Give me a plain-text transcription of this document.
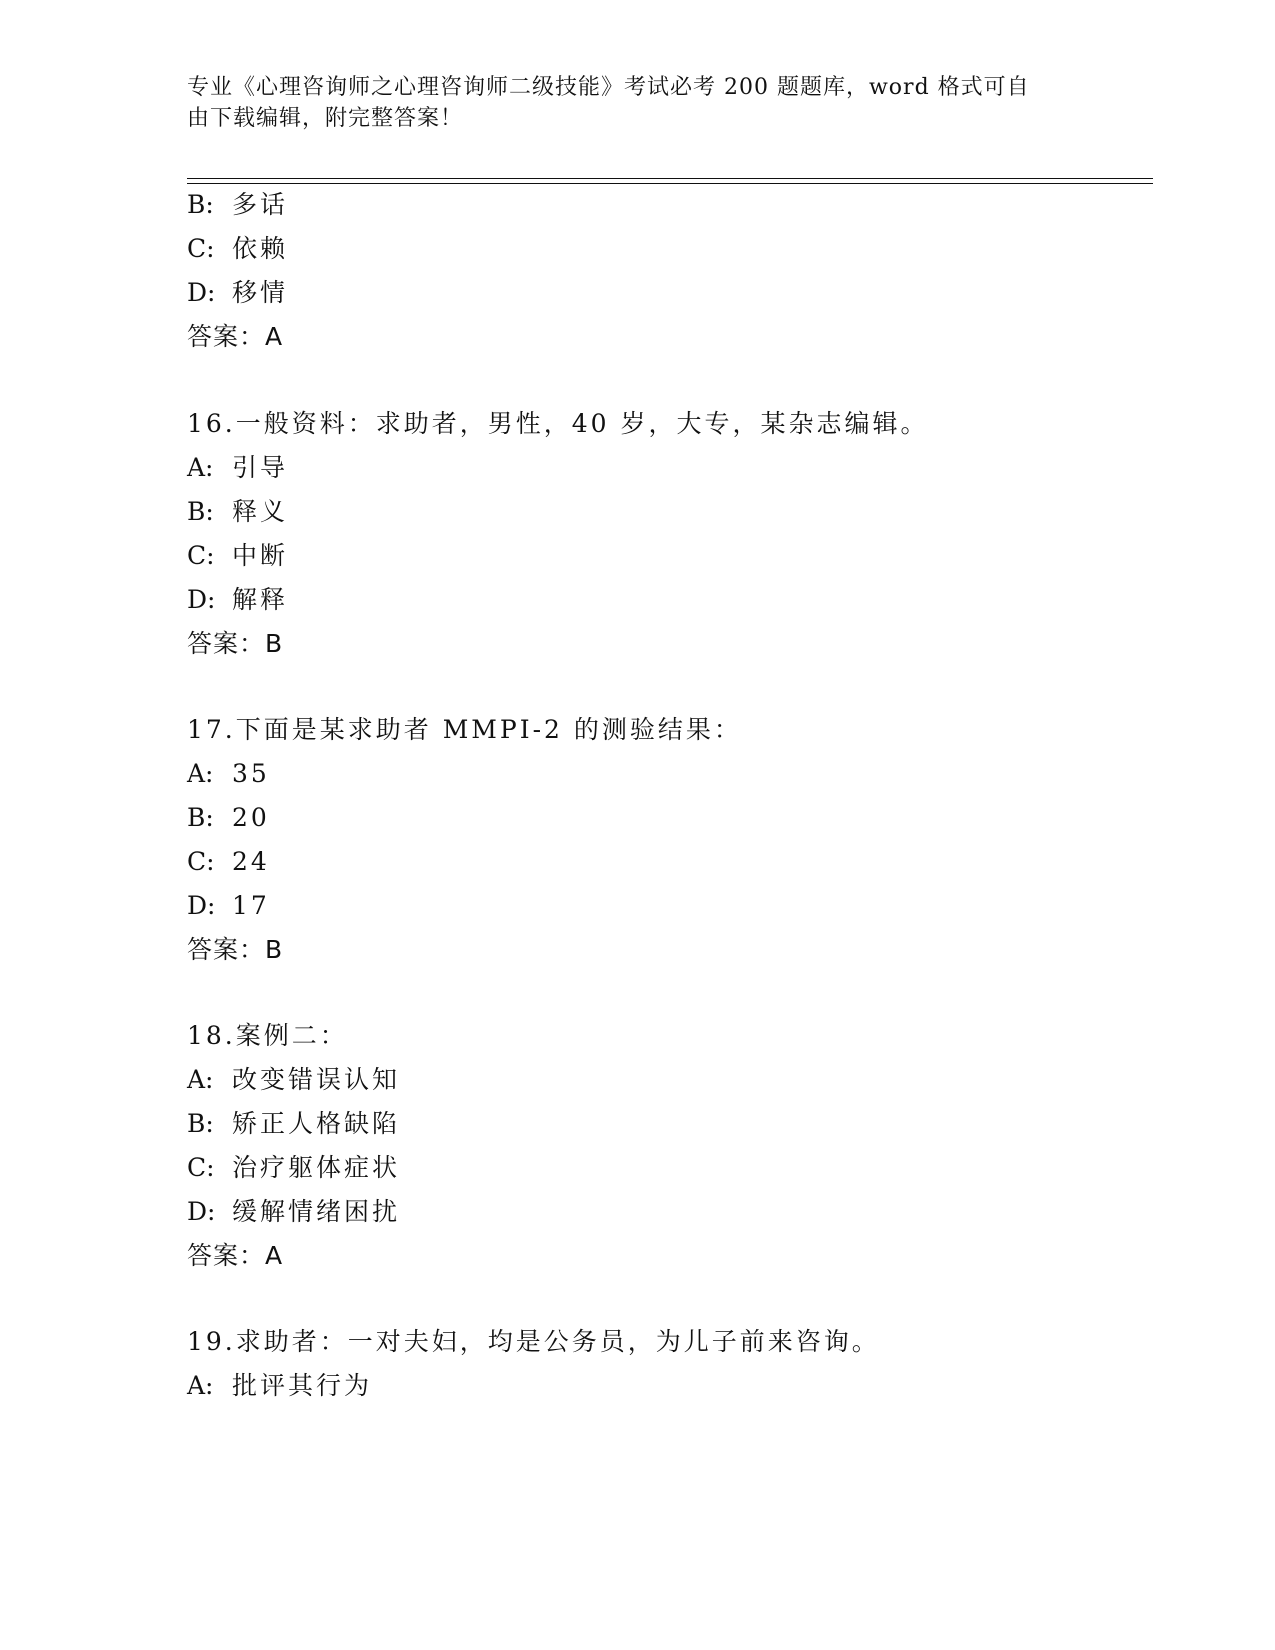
专业《心理咨询师之心理咨询师二级技能》考试必考 200 题题库，word 格式可自
由下载编辑，附完整答案！
B: 多话
C: 依赖
D: 移情
答案：A
16.一般资料：求助者，男性，40 岁，大专，某杂志编辑。
A: 引导
B: 释义
C: 中断
D: 解释
答案：B
17.下面是某求助者 MMPI-2 的测验结果：
A: 35
B: 20
C: 24
D: 17
答案：B
18.案例二：
A: 改变错误认知
B: 矫正人格缺陷
C: 治疗躯体症状
D: 缓解情绪困扰
答案：A
19.求助者：一对夫妇，均是公务员，为儿子前来咨询。
A: 批评其行为
